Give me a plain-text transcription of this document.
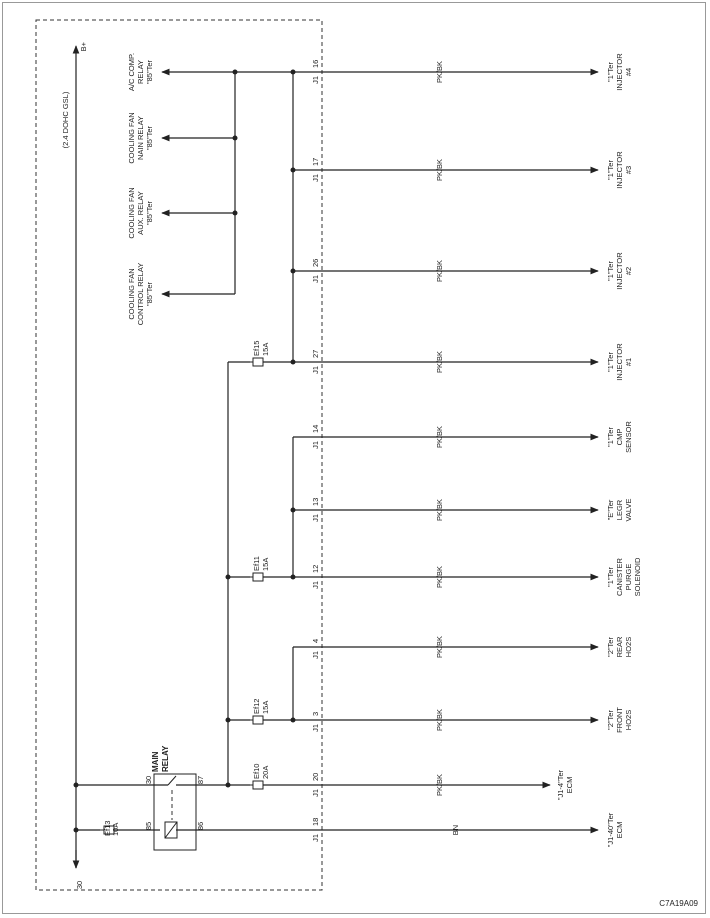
B+
30
(2.4 DOHC GSL)
Ef13 10A
MAIN RELAY
30	87
85	86
A/C COMP. RELAY "85"Ter
COOLING FAN NAIN RELAY "85"Ter
COOLING FAN AUX. RELAY "85"Ter
COOLING FAN CONTROL RELAY "85"Ter
Ef15 15A
Ef11 15A
Ef12 15A
Ef10 20A
J1
16
J1
17
J1
26
J1
27
J1
14
J1
13
J1
12
J1
4
J1
3
J1
20
J1
18
PK/BK
PK/BK
PK/BK
PK/BK
PK/BK
PK/BK
PK/BK
PK/BK
PK/BK
PK/BK
BN
"1"Ter INJECTOR #4
"1"Ter INJECTOR #3
"1"Ter INJECTOR #2
"1"Ter INJECTOR #1
"1"Ter CMP SENSOR
"E"Ter LEGR VALVE
"1"Ter CANISTER PURGE SOLENOID
"2"Ter REAR HO2S
"2"Ter FRONT HO2S
"J1-4"Ter ECM
"J1-40"Ter ECM
C7A19A09
